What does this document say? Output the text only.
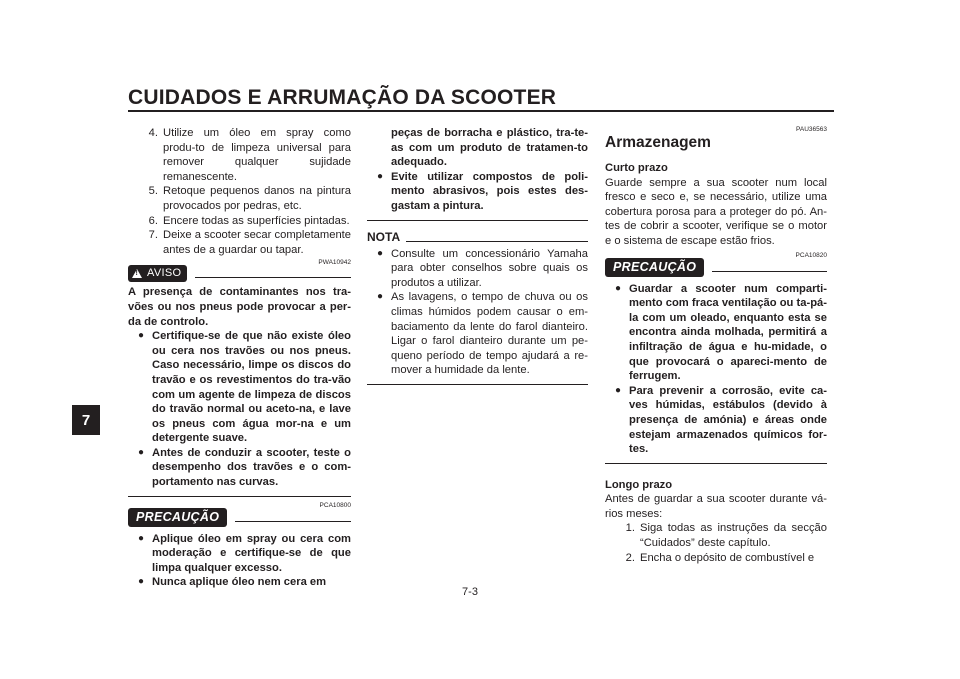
CUIDADOS E ARRUMAÇÃO DA SCOOTER
7
4. Utilize um óleo em spray como produ-to de limpeza universal para remover qualquer sujidade remanescente.
5. Retoque pequenos danos na pintura provocados por pedras, etc.
6. Encere todas as superfícies pintadas.
7. Deixe a scooter secar completamente antes de a guardar ou tapar.
PWA10942
! AVISO

A presença de contaminantes nos tra-vões ou nos pneus pode provocar a per-da de controlo.

● Certifique-se de que não existe óleo ou cera nos travões ou nos pneus. Caso necessário, limpe os discos do travão e os revestimentos do tra-vão com um agente de limpeza de discos do travão normal ou aceto-na, e lave os pneus com água mor-na e um detergente suave.
● Antes de conduzir a scooter, teste o desempenho dos travões e o com-portamento nas curvas.
PCA10800
PRECAUÇÃO
● Aplique óleo em spray ou cera com moderação e certifique-se de que limpa qualquer excesso.
● Nunca aplique óleo nem cera em
peças de borracha e plástico, tra-te-as com um produto de tratamen-to adequado.
● Evite utilizar compostos de poli-mento abrasivos, pois estes des-gastam a pintura.
NOTA
● Consulte um concessionário Yamaha para obter conselhos sobre quais os produtos a utilizar.
● As lavagens, o tempo de chuva ou os climas húmidos podem causar o em-baciamento da lente do farol dianteiro. Ligar o farol dianteiro durante um pe-queno período de tempo ajudará a re-mover a humidade da lente.
PAU36563
Armazenagem

Curto prazo

Guarde sempre a sua scooter num local fresco e seco e, se necessário, utilize uma cobertura porosa para a proteger do pó. An-tes de cobrir a scooter, verifique se o motor e o sistema de escape estão frios.

PCA10820
PRECAUÇÃO
● Guardar a scooter num comparti-mento com fraca ventilação ou ta-pá-la com um oleado, enquanto esta se encontra ainda molhada, permitirá a infiltração de água e hu-midade, o que provocará o apareci-mento de ferrugem.
● Para prevenir a corrosão, evite ca-ves húmidas, estábulos (devido à presença de amónia) e áreas onde estejam armazenados químicos for-tes.

Longo prazo

Antes de guardar a sua scooter durante vá-rios meses:

1. Siga todas as instruções da secção “Cuidados” deste capítulo.
2. Encha o depósito de combustível e
7-3
